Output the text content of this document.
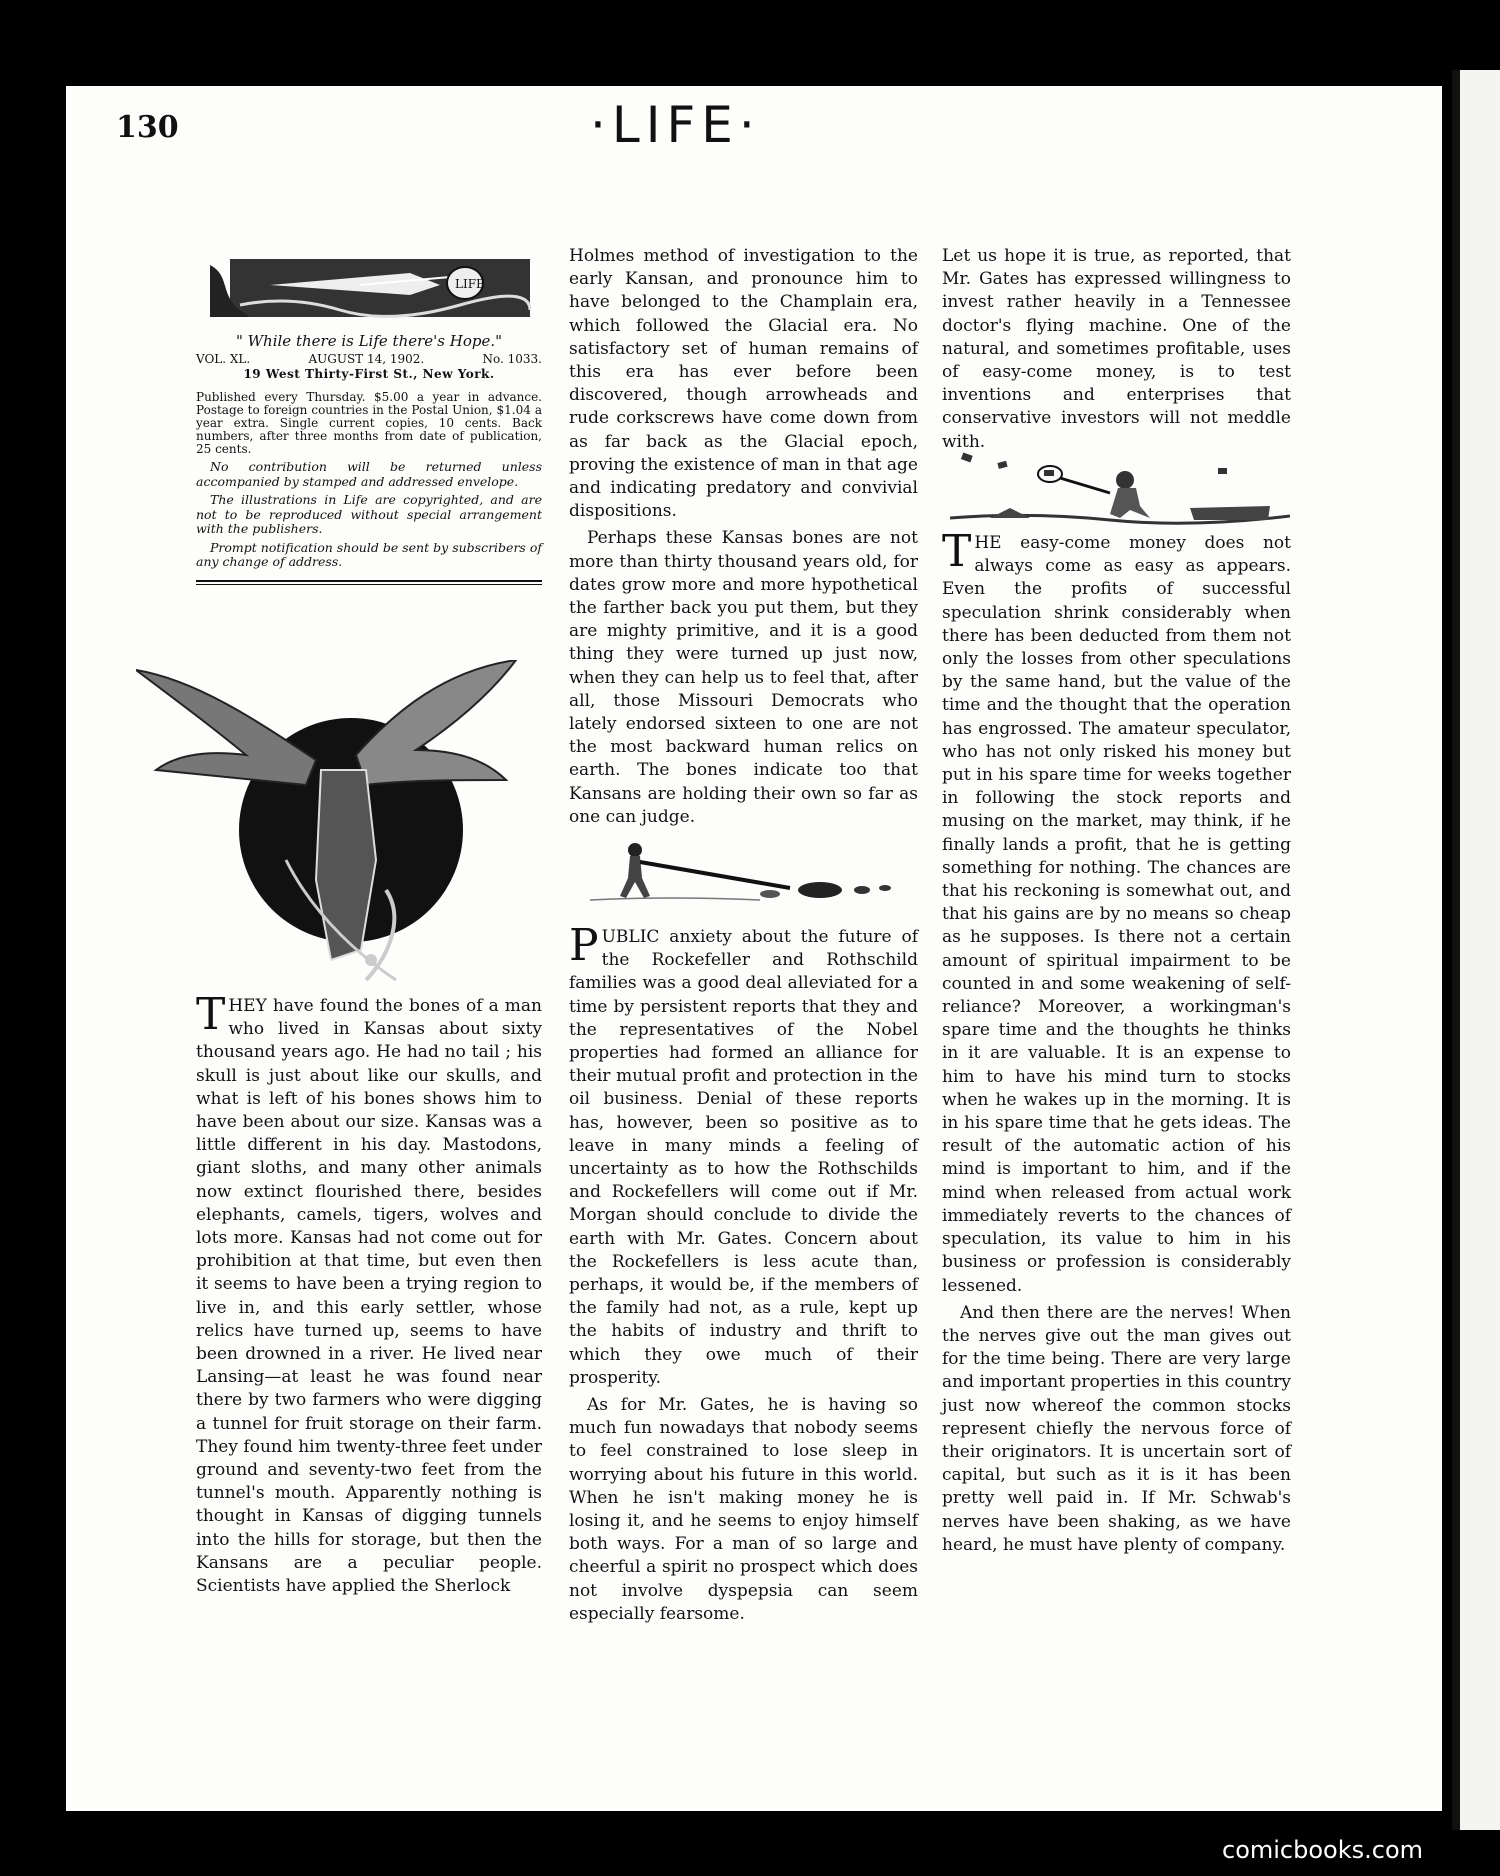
130	·LIFE·
LIFE
" While there is Life there's Hope."
VOL. XL.	AUGUST 14, 1902.	No. 1033.
19 West Thirty-First St., New York.
Published every Thursday. $5.00 a year in advance. Postage to foreign countries in the Postal Union, $1.04 a year extra. Single current copies, 10 cents. Back numbers, after three months from date of publication, 25 cents.
No contribution will be returned unless accompanied by stamped and addressed envelope.
The illustrations in Life are copyrighted, and are not to be reproduced without special arrangement with the publishers.
Prompt notification should be sent by subscribers of any change of address.

THEY have found the bones of a man who lived in Kansas about sixty thousand years ago. He had no tail ; his skull is just about like our skulls, and what is left of his bones shows him to have been about our size. Kansas was a little different in his day. Mastodons, giant sloths, and many other animals now extinct flourished there, besides elephants, camels, tigers, wolves and lots more. Kansas had not come out for prohibition at that time, but even then it seems to have been a trying region to live in, and this early settler, whose relics have turned up, seems to have been drowned in a river. He lived near Lansing—at least he was found near there by two farmers who were digging a tunnel for fruit storage on their farm. They found him twenty-three feet under ground and seventy-two feet from the tunnel's mouth. Apparently nothing is thought in Kansas of digging tunnels into the hills for storage, but then the Kansans are a peculiar people. Scientists have applied the Sherlock

Holmes method of investigation to the early Kansan, and pronounce him to have belonged to the Champlain era, which followed the Glacial era. No satisfactory set of human remains of this era has ever before been discovered, though arrowheads and rude corkscrews have come down from as far back as the Glacial epoch, proving the existence of man in that age and indicating predatory and convivial dispositions.

Perhaps these Kansas bones are not more than thirty thousand years old, for dates grow more and more hypothetical the farther back you put them, but they are mighty primitive, and it is a good thing they were turned up just now, when they can help us to feel that, after all, those Missouri Democrats who lately endorsed sixteen to one are not the most backward human relics on earth. The bones indicate too that Kansans are holding their own so far as one can judge.

PUBLIC anxiety about the future of the Rockefeller and Rothschild families was a good deal alleviated for a time by persistent reports that they and the representatives of the Nobel properties had formed an alliance for their mutual profit and protection in the oil business. Denial of these reports has, however, been so positive as to leave in many minds a feeling of uncertainty as to how the Rothschilds and Rockefellers will come out if Mr. Morgan should conclude to divide the earth with Mr. Gates. Concern about the Rockefellers is less acute than, perhaps, it would be, if the members of the family had not, as a rule, kept up the habits of industry and thrift to which they owe much of their prosperity.

As for Mr. Gates, he is having so much fun nowadays that nobody seems to feel constrained to lose sleep in worrying about his future in this world. When he isn't making money he is losing it, and he seems to enjoy himself both ways. For a man of so large and cheerful a spirit no prospect which does not involve dyspepsia can seem especially fearsome.

Let us hope it is true, as reported, that Mr. Gates has expressed willingness to invest rather heavily in a Tennessee doctor's flying machine. One of the natural, and sometimes profitable, uses of easy-come money, is to test inventions and enterprises that conservative investors will not meddle with.

THE easy-come money does not always come as easy as appears. Even the profits of successful speculation shrink considerably when there has been deducted from them not only the losses from other speculations by the same hand, but the value of the time and the thought that the operation has engrossed. The amateur speculator, who has not only risked his money but put in his spare time for weeks together in following the stock reports and musing on the market, may think, if he finally lands a profit, that he is getting something for nothing. The chances are that his reckoning is somewhat out, and that his gains are by no means so cheap as he supposes. Is there not a certain amount of spiritual impairment to be counted in and some weakening of self-reliance? Moreover, a workingman's spare time and the thoughts he thinks in it are valuable. It is an expense to him to have his mind turn to stocks when he wakes up in the morning. It is in his spare time that he gets ideas. The result of the automatic action of his mind is important to him, and if the mind when released from actual work immediately reverts to the chances of speculation, its value to him in his business or profession is considerably lessened.

And then there are the nerves! When the nerves give out the man gives out for the time being. There are very large and important properties in this country just now whereof the common stocks represent chiefly the nervous force of their originators. It is uncertain sort of capital, but such as it is it has been pretty well paid in. If Mr. Schwab's nerves have been shaking, as we have heard, he must have plenty of company.

comicbooks.com
